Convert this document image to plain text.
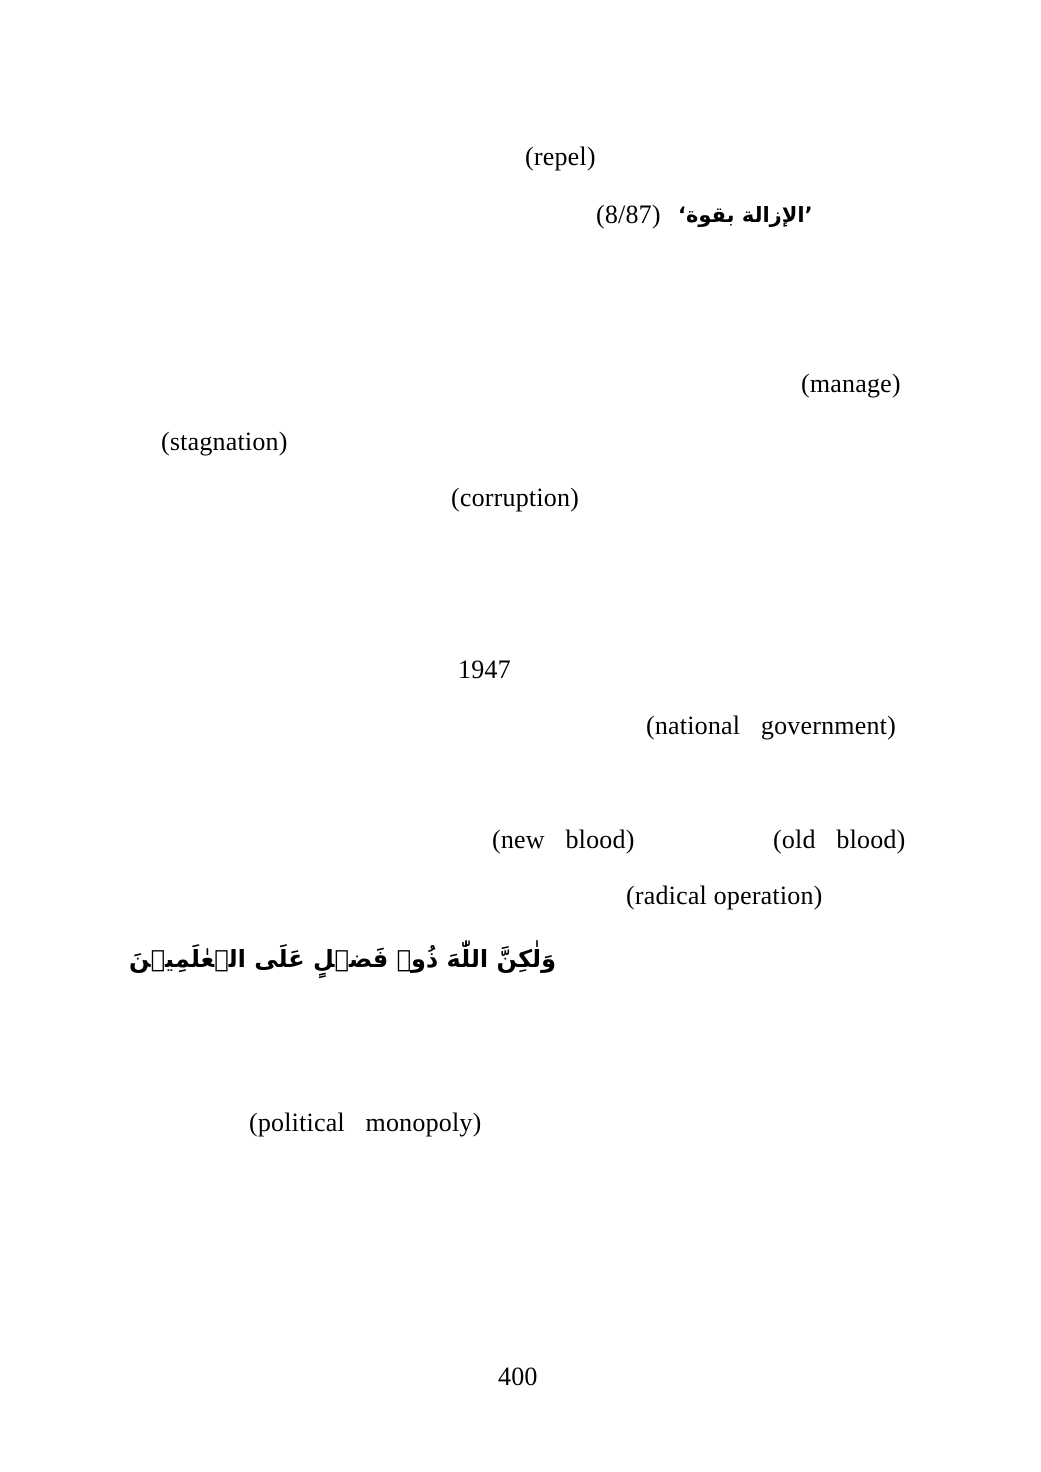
(repel)
(8/87) ’الإزالة بقوة‘
(manage)
(stagnation)
(corruption)
1947
(national government)
(new blood)	(old blood)
(radical operation)
وَلٰكِنَّ اللّٰهَ ذُوۡ فَضۡلٍ عَلَى الۡعٰلَمِيۡنَ
(political monopoly)
400
